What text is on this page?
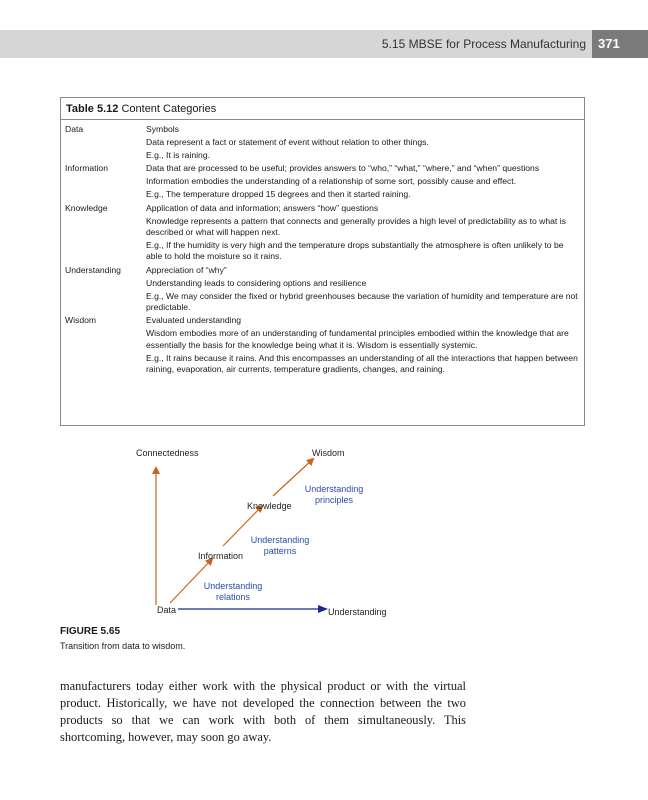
5.15 MBSE for Process Manufacturing 371
Table 5.12 Content Categories
Data	Symbols
Data represent a fact or statement of event without relation to other things.
E.g., It is raining.
Information	Data that are processed to be useful; provides answers to “who,” “what,” “where,” and “when” questions
Information embodies the understanding of a relationship of some sort, possibly cause and effect.
E.g., The temperature dropped 15 degrees and then it started raining.
Knowledge	Application of data and information; answers “how” questions
Knowledge represents a pattern that connects and generally provides a high level of predictability as to what is described or what will happen next.
E.g., If the humidity is very high and the temperature drops substantially the atmosphere is often unlikely to be able to hold the moisture so it rains.
Understanding	Appreciation of “why”
Understanding leads to considering options and resilience
E.g., We may consider the fixed or hybrid greenhouses because the variation of humidity and temperature are not predictable.
Wisdom	Evaluated understanding
Wisdom embodies more of an understanding of fundamental principles embodied within the knowledge that are essentially the basis for the knowledge being what it is. Wisdom is essentially systemic.
E.g., It rains because it rains. And this encompasses an understanding of all the interactions that happen between raining, evaporation, air currents, temperature gradients, changes, and raining.
Connectedness	Wisdom
Knowledge
Information
Data	Understanding
Understanding
principles
Understanding
patterns
Understanding
relations
FIGURE 5.65
Transition from data to wisdom.
manufacturers today either work with the physical product or with the virtual product. Historically, we have not developed the connection between the two products so that we can work with both of them simultaneously. This shortcoming, however, may soon go away.
